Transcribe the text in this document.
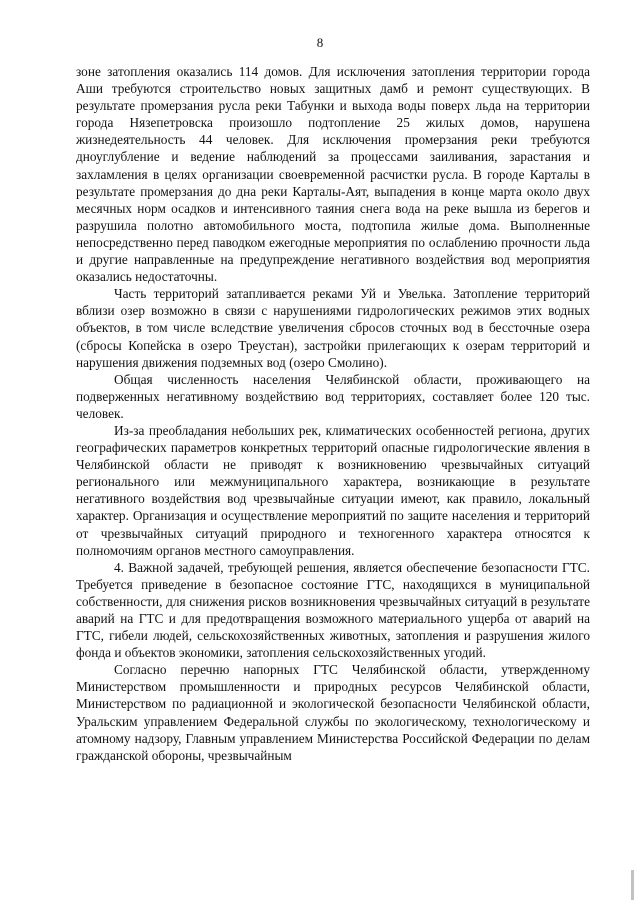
8

зоне затопления оказались 114 домов. Для исключения затопления территории города Аши требуются строительство новых защитных дамб и ремонт существующих. В результате промерзания русла реки Табунки и выхода воды поверх льда на территории города Нязепетровска произошло подтопление 25 жилых домов, нарушена жизнедеятельность 44 человек. Для исключения промерзания реки требуются дноуглубление и ведение наблюдений за процессами заиливания, зарастания и захламления в целях организации своевременной расчистки русла. В городе Карталы в результате промерзания до дна реки Карталы-Аят, выпадения в конце марта около двух месячных норм осадков и интенсивного таяния снега вода на реке вышла из берегов и разрушила полотно автомобильного моста, подтопила жилые дома. Выполненные непосредственно перед паводком ежегодные мероприятия по ослаблению прочности льда и другие направленные на предупреждение негативного воздействия вод мероприятия оказались недостаточны.

Часть территорий затапливается реками Уй и Увелька. Затопление территорий вблизи озер возможно в связи с нарушениями гидрологических режимов этих водных объектов, в том числе вследствие увеличения сбросов сточных вод в бессточные озера (сбросы Копейска в озеро Треустан), застройки прилегающих к озерам территорий и нарушения движения подземных вод (озеро Смолино).

Общая численность населения Челябинской области, проживающего на подверженных негативному воздействию вод территориях, составляет более 120 тыс. человек.

Из-за преобладания небольших рек, климатических особенностей региона, других географических параметров конкретных территорий опасные гидрологические явления в Челябинской области не приводят к возникновению чрезвычайных ситуаций регионального или межмуниципального характера, возникающие в результате негативного воздействия вод чрезвычайные ситуации имеют, как правило, локальный характер. Организация и осуществление мероприятий по защите населения и территорий от чрезвычайных ситуаций природного и техногенного характера относятся к полномочиям органов местного самоуправления.

4. Важной задачей, требующей решения, является обеспечение безопасности ГТС. Требуется приведение в безопасное состояние ГТС, находящихся в муниципальной собственности, для снижения рисков возникновения чрезвычайных ситуаций в результате аварий на ГТС и для предотвращения возможного материального ущерба от аварий на ГТС, гибели людей, сельскохозяйственных животных, затопления и разрушения жилого фонда и объектов экономики, затопления сельскохозяйственных угодий.

Согласно перечню напорных ГТС Челябинской области, утвержденному Министерством промышленности и природных ресурсов Челябинской области, Министерством по радиационной и экологической безопасности Челябинской области, Уральским управлением Федеральной службы по экологическому, технологическому и атомному надзору, Главным управлением Министерства Российской Федерации по делам гражданской обороны, чрезвычайным
